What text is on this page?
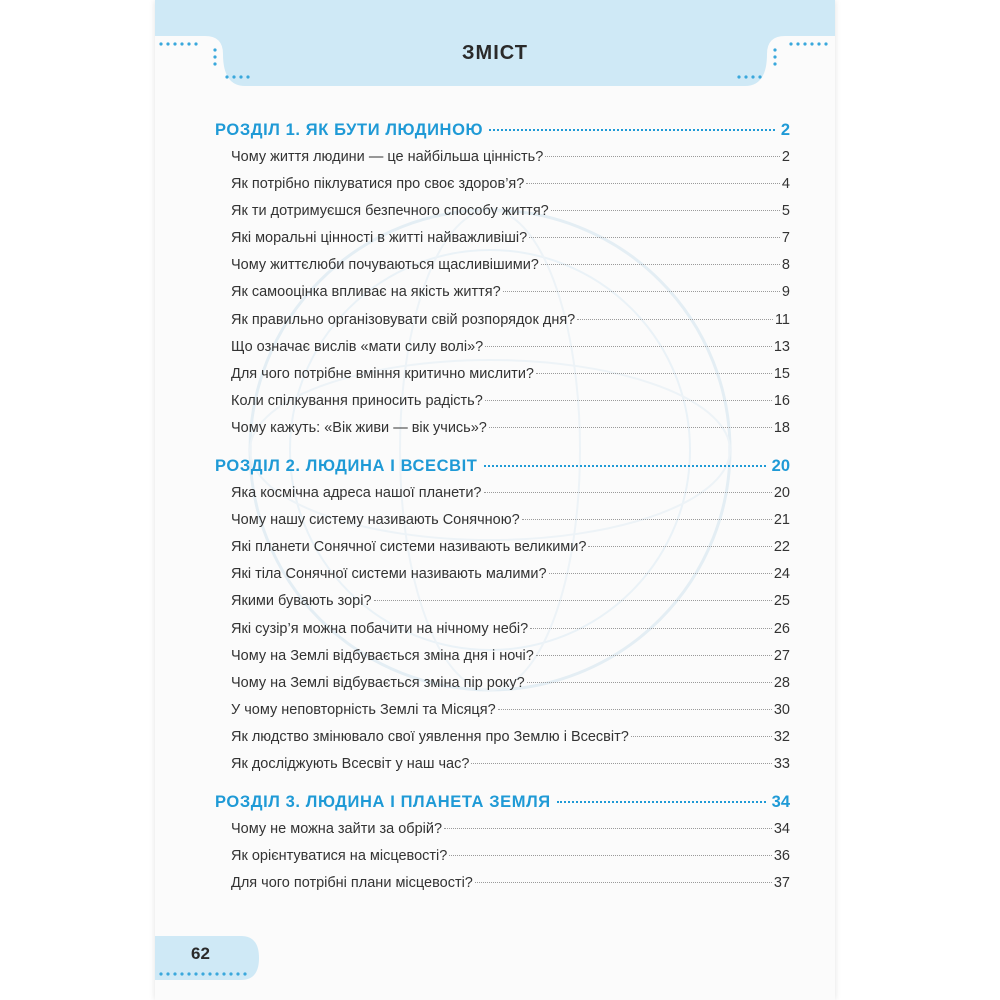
ЗМІСТ
РОЗДІЛ 1. ЯК БУТИ ЛЮДИНОЮ	2
Чому життя людини — це найбільша цінність?	2
Як потрібно піклуватися про своє здоров’я?	4
Як ти дотримуєшся безпечного способу життя?	5
Які моральні цінності в житті найважливіші?	7
Чому життєлюби почуваються щасливішими?	8
Як самооцінка впливає на якість життя?	9
Як правильно організовувати свій розпорядок дня?	11
Що означає вислів «мати силу волі»?	13
Для чого потрібне вміння критично мислити?	15
Коли спілкування приносить радість?	16
Чому кажуть: «Вік живи — вік учись»?	18
РОЗДІЛ 2. ЛЮДИНА І ВСЕСВІТ	20
Яка космічна адреса нашої планети?	20
Чому нашу систему називають Сонячною?	21
Які планети Сонячної системи називають великими?	22
Які тіла Сонячної системи називають малими?	24
Якими бувають зорі?	25
Які сузір’я можна побачити на нічному небі?	26
Чому на Землі відбувається зміна дня і ночі?	27
Чому на Землі відбувається зміна пір року?	28
У чому неповторність Землі та Місяця?	30
Як людство змінювало свої уявлення про Землю і Всесвіт?	32
Як досліджують Всесвіт у наш час?	33
РОЗДІЛ 3. ЛЮДИНА І ПЛАНЕТА ЗЕМЛЯ	34
Чому не можна зайти за обрій?	34
Як орієнтуватися на місцевості?	36
Для чого потрібні плани місцевості?	37
62
